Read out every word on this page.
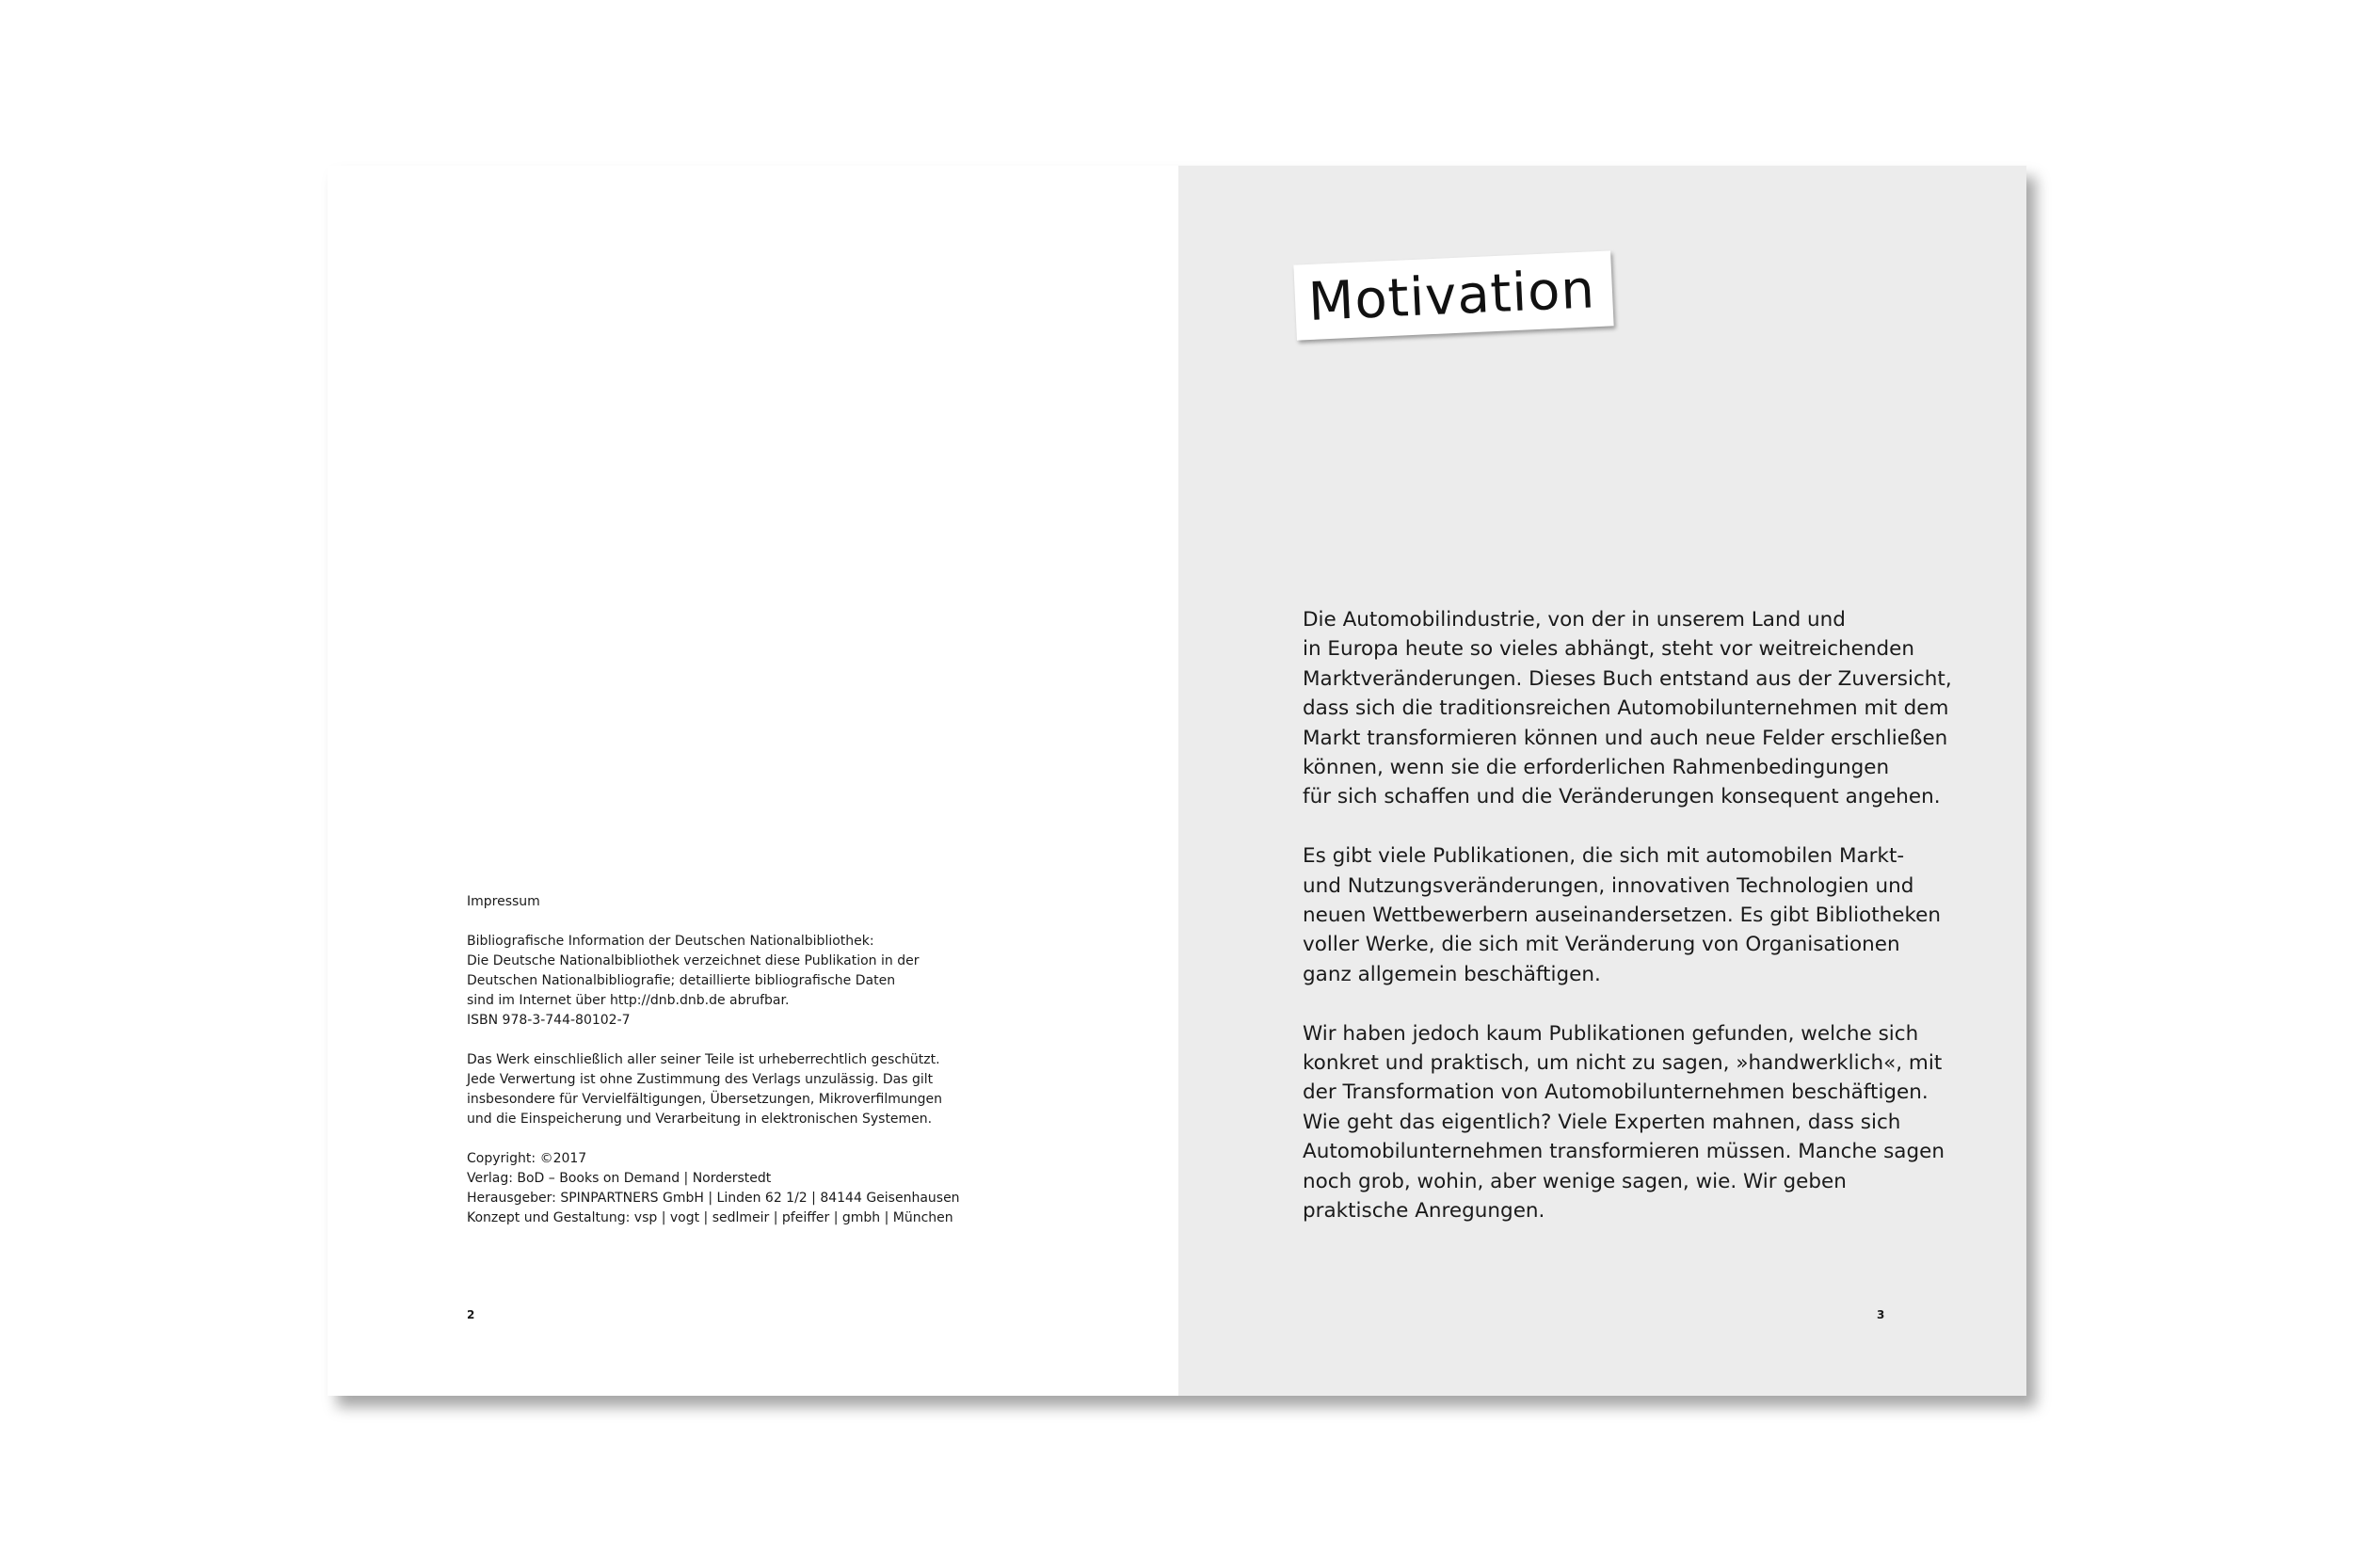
Impressum
Bibliografische Information der Deutschen Nationalbibliothek:
Die Deutsche Nationalbibliothek verzeichnet diese Publikation in der
Deutschen Nationalbibliografie; detaillierte bibliografische Daten
sind im Internet über http://dnb.dnb.de abrufbar.
ISBN 978-3-744-80102-7
Das Werk einschließlich aller seiner Teile ist urheberrechtlich geschützt.
Jede Verwertung ist ohne Zustimmung des Verlags unzulässig. Das gilt
insbesondere für Vervielfältigungen, Übersetzungen, Mikroverfilmungen
und die Einspeicherung und Verarbeitung in elektronischen Systemen.
Copyright: ©2017
Verlag: BoD – Books on Demand | Norderstedt
Herausgeber: SPINPARTNERS GmbH | Linden 62 1/2 | 84144 Geisenhausen
Konzept und Gestaltung: vsp | vogt | sedlmeir | pfeiffer | gmbh | München
2
Motivation
Die Automobilindustrie, von der in unserem Land und
in Europa heute so vieles abhängt, steht vor weitreichenden
Marktveränderungen. Dieses Buch entstand aus der Zuversicht,
dass sich die traditionsreichen Automobilunternehmen mit dem
Markt transformieren können und auch neue Felder erschließen
können, wenn sie die erforderlichen Rahmenbedingungen
für sich schaffen und die Veränderungen konsequent angehen.
Es gibt viele Publikationen, die sich mit automobilen Markt-
und Nutzungsveränderungen, innovativen Technologien und
neuen Wettbewerbern auseinandersetzen. Es gibt Bibliotheken
voller Werke, die sich mit Veränderung von Organisationen
ganz allgemein beschäftigen.
Wir haben jedoch kaum Publikationen gefunden, welche sich
konkret und praktisch, um nicht zu sagen, »handwerklich«, mit
der Transformation von Automobilunternehmen beschäftigen.
Wie geht das eigentlich? Viele Experten mahnen, dass sich
Automobilunternehmen transformieren müssen. Manche sagen
noch grob, wohin, aber wenige sagen, wie. Wir geben
praktische Anregungen.
3
